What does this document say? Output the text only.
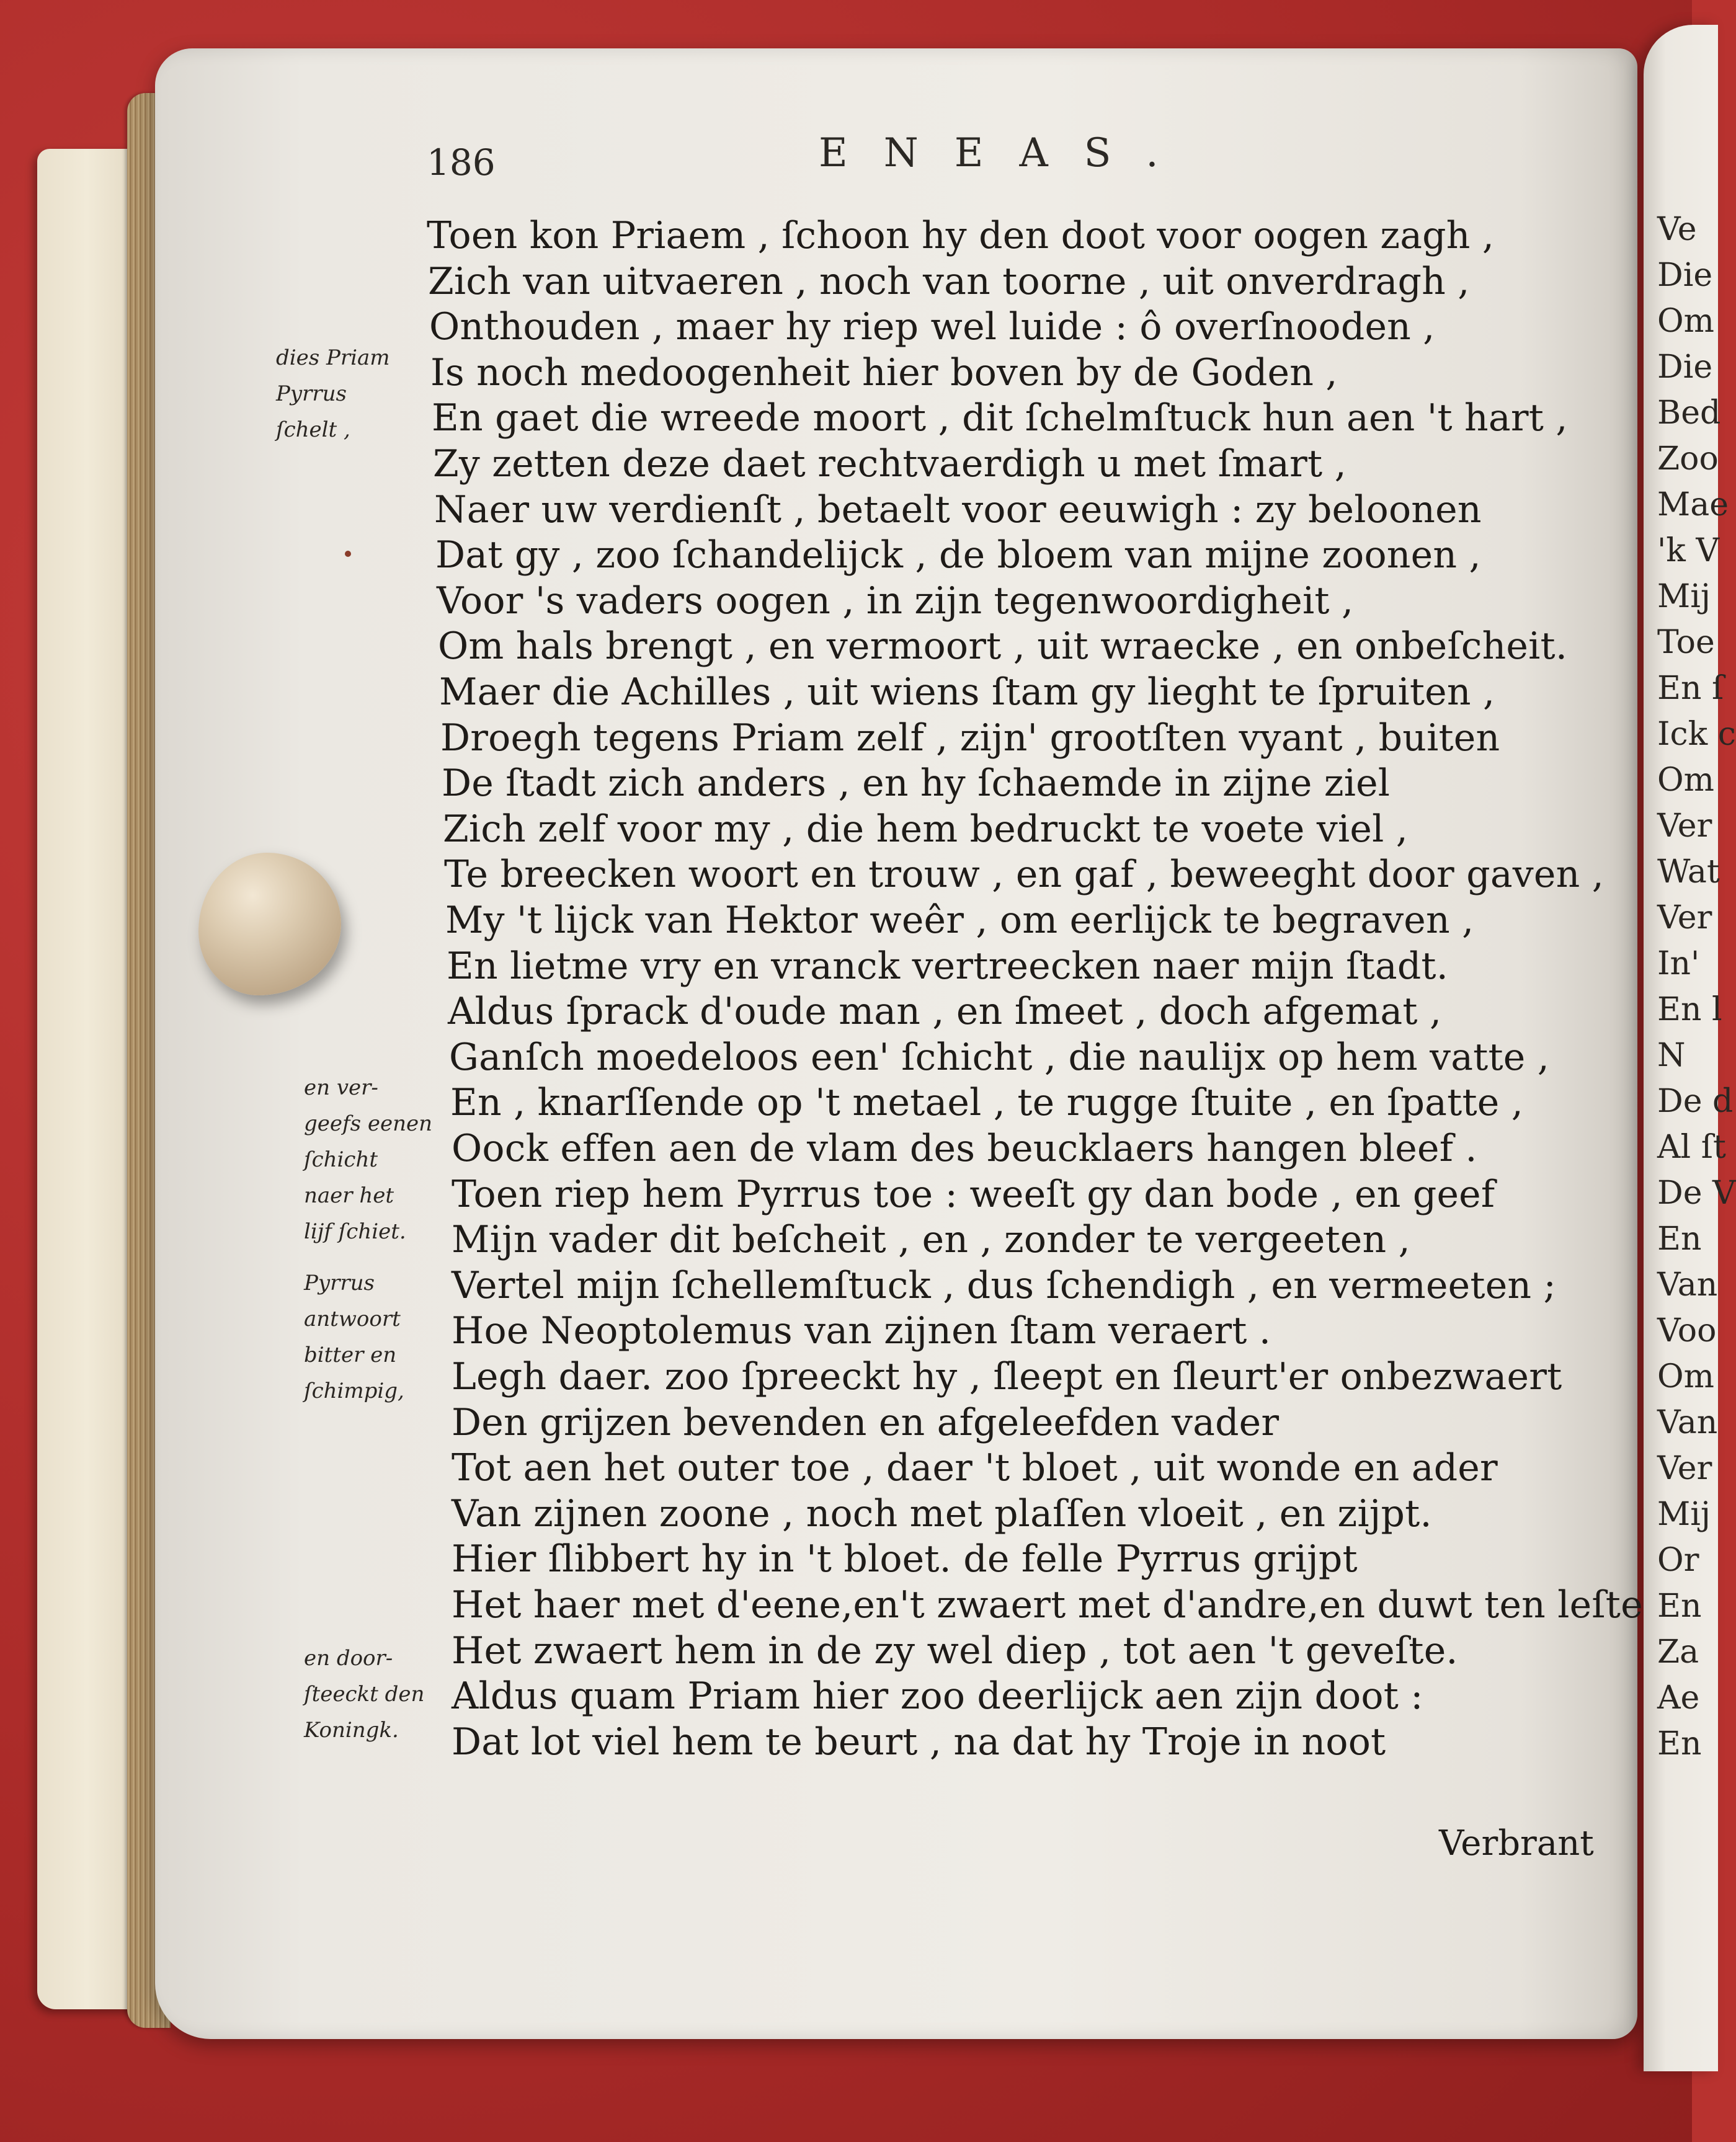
Ve
Die
Om
Die
Bed
Zoo
Mae
'k V
Mij
Toe
En ſ
Ick c
Om
Ver
Wat
Ver
In'
En l
N
De d
Al ſt
De V
En
Van
Voo
Om
Van
Ver
Mij
Or
En
Za
Ae
En
186	ENEAS.
Toen kon Priaem , ſchoon hy den doot voor oogen zagh ,
Zich van uitvaeren , noch van toorne , uit onverdragh ,
Onthouden , maer hy riep wel luide : ô overſnooden ,
Is noch medoogenheit hier boven by de Goden ,
En gaet die wreede moort , dit ſchelmſtuck hun aen 't hart ,
Zy zetten deze daet rechtvaerdigh u met ſmart ,
Naer uw verdienſt , betaelt voor eeuwigh : zy beloonen
Dat gy , zoo ſchandelijck , de bloem van mijne zoonen ,
Voor 's vaders oogen , in zijn tegenwoordigheit ,
Om hals brengt , en vermoort , uit wraecke , en onbeſcheit.
Maer die Achilles , uit wiens ſtam gy lieght te ſpruiten ,
Droegh tegens Priam zelf , zijn' grootſten vyant , buiten
De ſtadt zich anders , en hy ſchaemde in zijne ziel
Zich zelf voor my , die hem bedruckt te voete viel ,
Te breecken woort en trouw , en gaf , beweeght door gaven ,
My 't lijck van Hektor weêr , om eerlijck te begraven ,
En lietme vry en vranck vertreecken naer mijn ſtadt.
Aldus ſprack d'oude man , en ſmeet , doch afgemat ,
Ganſch moedeloos een' ſchicht , die naulijx op hem vatte ,
En , knarſſende op 't metael , te rugge ſtuite , en ſpatte ,
Oock effen aen de vlam des beucklaers hangen bleef .
Toen riep hem Pyrrus toe : weeſt gy dan bode , en geef
Mijn vader dit beſcheit , en , zonder te vergeeten ,
Vertel mijn ſchellemſtuck , dus ſchendigh , en vermeeten ;
Hoe Neoptolemus van zijnen ſtam veraert .
Legh daer. zoo ſpreeckt hy , ſleept en ſleurt'er onbezwaert
Den grijzen bevenden en afgeleefden vader
Tot aen het outer toe , daer 't bloet , uit wonde en ader
Van zijnen zoone , noch met plaſſen vloeit , en zijpt.
Hier ſlibbert hy in 't bloet. de felle Pyrrus grijpt
Het haer met d'eene,en't zwaert met d'andre,en duwt ten leſte
Het zwaert hem in de zy wel diep , tot aen 't geveſte.
Aldus quam Priam hier zoo deerlijck aen zijn doot :
Dat lot viel hem te beurt , na dat hy Troje in noot
dies Priam
Pyrrus
ſchelt ,
en ver-
geefs eenen
ſchicht
naer het
lijf ſchiet.
Pyrrus
antwoort
bitter en
ſchimpig,
en door-
ſteeckt den
Koningk.
Verbrant
